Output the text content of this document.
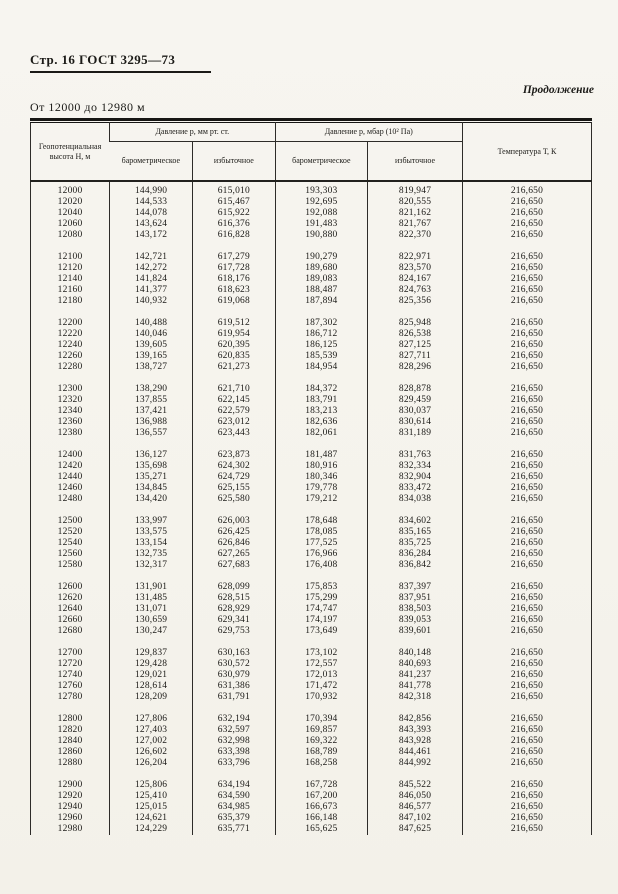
Стр. 16 ГОСТ 3295—73
Продолжение
От 12000 до 12980 м
Геопотенциальная высота Н, м	Давление р, мм рт. ст.		Давление р, мбар (10² Па)		Температура Т, К
	барометрическое	избыточное	барометрическое	избыточное	
12000	144,990	615,010	193,303	819,947	216,650
12020	144,533	615,467	192,695	820,555	216,650
12040	144,078	615,922	192,088	821,162	216,650
12060	143,624	616,376	191,483	821,767	216,650
12080	143,172	616,828	190,880	822,370	216,650

12100	142,721	617,279	190,279	822,971	216,650
12120	142,272	617,728	189,680	823,570	216,650
12140	141,824	618,176	189,083	824,167	216,650
12160	141,377	618,623	188,487	824,763	216,650
12180	140,932	619,068	187,894	825,356	216,650

12200	140,488	619,512	187,302	825,948	216,650
12220	140,046	619,954	186,712	826,538	216,650
12240	139,605	620,395	186,125	827,125	216,650
12260	139,165	620,835	185,539	827,711	216,650
12280	138,727	621,273	184,954	828,296	216,650

12300	138,290	621,710	184,372	828,878	216,650
12320	137,855	622,145	183,791	829,459	216,650
12340	137,421	622,579	183,213	830,037	216,650
12360	136,988	623,012	182,636	830,614	216,650
12380	136,557	623,443	182,061	831,189	216,650

12400	136,127	623,873	181,487	831,763	216,650
12420	135,698	624,302	180,916	832,334	216,650
12440	135,271	624,729	180,346	832,904	216,650
12460	134,845	625,155	179,778	833,472	216,650
12480	134,420	625,580	179,212	834,038	216,650

12500	133,997	626,003	178,648	834,602	216,650
12520	133,575	626,425	178,085	835,165	216,650
12540	133,154	626,846	177,525	835,725	216,650
12560	132,735	627,265	176,966	836,284	216,650
12580	132,317	627,683	176,408	836,842	216,650

12600	131,901	628,099	175,853	837,397	216,650
12620	131,485	628,515	175,299	837,951	216,650
12640	131,071	628,929	174,747	838,503	216,650
12660	130,659	629,341	174,197	839,053	216,650
12680	130,247	629,753	173,649	839,601	216,650

12700	129,837	630,163	173,102	840,148	216,650
12720	129,428	630,572	172,557	840,693	216,650
12740	129,021	630,979	172,013	841,237	216,650
12760	128,614	631,386	171,472	841,778	216,650
12780	128,209	631,791	170,932	842,318	216,650

12800	127,806	632,194	170,394	842,856	216,650
12820	127,403	632,597	169,857	843,393	216,650
12840	127,002	632,998	169,322	843,928	216,650
12860	126,602	633,398	168,789	844,461	216,650
12880	126,204	633,796	168,258	844,992	216,650

12900	125,806	634,194	167,728	845,522	216,650
12920	125,410	634,590	167,200	846,050	216,650
12940	125,015	634,985	166,673	846,577	216,650
12960	124,621	635,379	166,148	847,102	216,650
12980	124,229	635,771	165,625	847,625	216,650
